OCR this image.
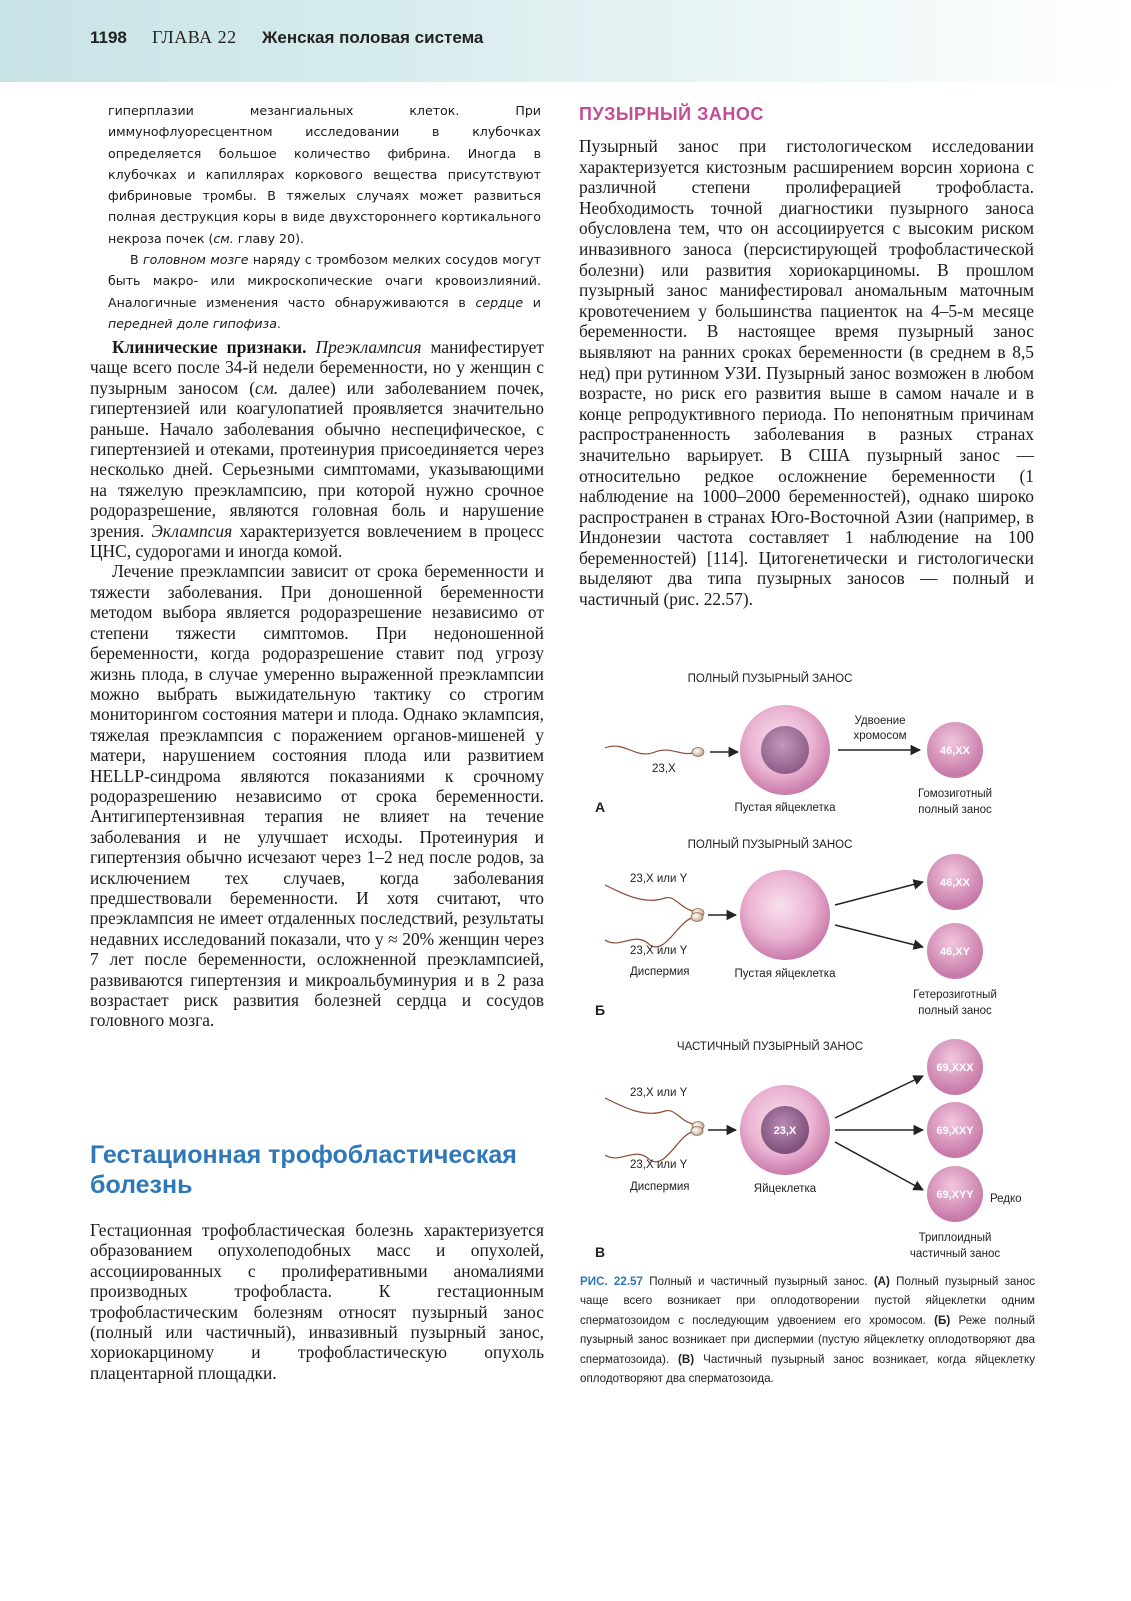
1198 ГЛАВА 22 Женская половая система

гиперплазии мезангиальных клеток. При иммунофлуоресцентном исследовании в клубочках определяется большое количество фибрина. Иногда в клубочках и капиллярах коркового вещества присутствуют фибриновые тромбы. В тяжелых случаях может развиться полная деструкция коры в виде двухстороннего кортикального некроза почек (см. главу 20).

В головном мозге наряду с тромбозом мелких сосудов могут быть макро- или микроскопические очаги кровоизлияний. Аналогичные изменения часто обнаруживаются в сердце и передней доле гипофиза.

Клинические признаки. Преэклампсия манифестирует чаще всего после 34-й недели беременности, но у женщин с пузырным заносом (см. далее) или заболеванием почек, гипертензией или коагулопатией проявляется значительно раньше. Начало заболевания обычно неспецифическое, с гипертензией и отеками, протеинурия присоединяется через несколько дней. Серьезными симптомами, указывающими на тяжелую преэклампсию, при которой нужно срочное родоразрешение, являются головная боль и нарушение зрения. Эклампсия характеризуется вовлечением в процесс ЦНС, судорогами и иногда комой.

Лечение преэклампсии зависит от срока беременности и тяжести заболевания. При доношенной беременности методом выбора является родоразрешение независимо от степени тяжести симптомов. При недоношенной беременности, когда родоразрешение ставит под угрозу жизнь плода, в случае умеренно выраженной преэклампсии можно выбрать выжидательную тактику со строгим мониторингом состояния матери и плода. Однако эклампсия, тяжелая преэклампсия с поражением органов-мишеней у матери, нарушением состояния плода или развитием HELLP-синдрома являются показаниями к срочному родоразрешению независимо от срока беременности. Антигипертензивная терапия не влияет на течение заболевания и не улучшает исходы. Протеинурия и гипертензия обычно исчезают через 1–2 нед после родов, за исключением тех случаев, когда заболевания предшествовали беременности. И хотя считают, что преэклампсия не имеет отдаленных последствий, результаты недавних исследований показали, что у ≈ 20% женщин через 7 лет после беременности, осложненной преэклампсией, развиваются гипертензия и микроальбуминурия и в 2 раза возрастает риск развития болезней сердца и сосудов головного мозга.

Гестационная трофобластическая болезнь

Гестационная трофобластическая болезнь характеризуется образованием опухолеподобных масс и опухолей, ассоциированных с пролиферативными аномалиями производных трофобласта. К гестационным трофобластическим болезням относят пузырный занос (полный или частичный), инвазивный пузырный занос, хориокарциному и трофобластическую опухоль плацентарной площадки.

ПУЗЫРНЫЙ ЗАНОС

Пузырный занос при гистологическом исследовании характеризуется кистозным расширением ворсин хориона с различной степени пролиферацией трофобласта. Необходимость точной диагностики пузырного заноса обусловлена тем, что он ассоциируется с высоким риском инвазивного заноса (персистирующей трофобластической болезни) или развития хориокарциномы. В прошлом пузырный занос манифестировал аномальным маточным кровотечением у большинства пациенток на 4–5-м месяце беременности. В настоящее время пузырный занос выявляют на ранних сроках беременности (в среднем в 8,5 нед) при рутинном УЗИ. Пузырный занос возможен в любом возрасте, но риск его развития выше в самом начале и в конце репродуктивного периода. По непонятным причинам распространенность заболевания в разных странах значительно варьирует. В США пузырный занос — относительно редкое осложнение беременности (1 наблюдение на 1000–2000 беременностей), однако широко распространен в странах Юго-Восточной Азии (например, в Индонезии частота составляет 1 наблюдение на 100 беременностей) [114]. Цитогенетически и гистологически выделяют два типа пузырных заносов — полный и частичный (рис. 22.57).

ПОЛНЫЙ ПУЗЫРНЫЙ ЗАНОС
23,X
Пустая яйцеклетка
Удвоение
хромосом
46,XX
Гомозиготный
полный занос
A
ПОЛНЫЙ ПУЗЫРНЫЙ ЗАНОС
23,X или Y
23,X или Y
Диспермия	Пустая яйцеклетка
46,XX
46,XY
Гетерозиготный
полный занос
Б
ЧАСТИЧНЫЙ ПУЗЫРНЫЙ ЗАНОС
23,X или Y
23,X или Y
Диспермия
23,X
Яйцеклетка
69,XXX
69,XXY
69,XYY Редко
Триплоидный
частичный занос
B
РИС. 22.57 Полный и частичный пузырный занос. (А) Полный пузырный занос чаще всего возникает при оплодотворении пустой яйцеклетки одним сперматозоидом с последующим удвоением его хромосом. (Б) Реже полный пузырный занос возникает при диспермии (пустую яйцеклетку оплодотворяют два сперматозоида). (В) Частичный пузырный занос возникает, когда яйцеклетку оплодотворяют два сперматозоида.
